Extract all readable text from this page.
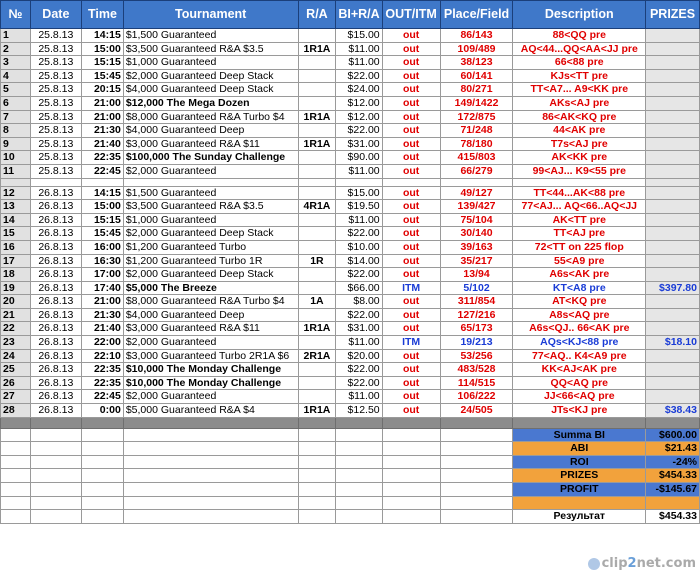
№	Date	Time	Tournament	R/A	BI+R/A	OUT/ITM	Place/Field	Description	PRIZES
1	25.8.13	14:15	$1,500 Guaranteed		$15.00	out	86/143	88<QQ pre	
2	25.8.13	15:00	$3,500 Guaranteed R&A $3.5	1R1A	$11.00	out	109/489	AQ<44...QQ<AA<JJ pre	
3	25.8.13	15:15	$1,000 Guaranteed		$11.00	out	38/123	66<88 pre	
4	25.8.13	15:45	$2,000 Guaranteed Deep Stack		$22.00	out	60/141	KJs<TT pre	
5	25.8.13	20:15	$4,000 Guaranteed Deep Stack		$24.00	out	80/271	TT<A7... A9<KK pre	
6	25.8.13	21:00	$12,000 The Mega Dozen		$12.00	out	149/1422	AKs<AJ pre	
7	25.8.13	21:00	$8,000 Guaranteed R&A Turbo $4	1R1A	$12.00	out	172/875	86<AK<KQ pre	
8	25.8.13	21:30	$4,000 Guaranteed Deep		$22.00	out	71/248	44<AK pre	
9	25.8.13	21:40	$3,000 Guaranteed R&A $11	1R1A	$31.00	out	78/180	T7s<AJ pre	
10	25.8.13	22:35	$100,000 The Sunday Challenge		$90.00	out	415/803	AK<KK pre	
11	25.8.13	22:45	$2,000 Guaranteed		$11.00	out	66/279	99<AJ... K9<55 pre	

12	26.8.13	14:15	$1,500 Guaranteed		$15.00	out	49/127	TT<44...AK<88 pre	
13	26.8.13	15:00	$3,500 Guaranteed R&A $3.5	4R1A	$19.50	out	139/427	77<AJ... AQ<66..AQ<JJ	
14	26.8.13	15:15	$1,000 Guaranteed		$11.00	out	75/104	AK<TT pre	
15	26.8.13	15:45	$2,000 Guaranteed Deep Stack		$22.00	out	30/140	TT<AJ pre	
16	26.8.13	16:00	$1,200 Guaranteed Turbo		$10.00	out	39/163	72<TT on 225 flop	
17	26.8.13	16:30	$1,200 Guaranteed Turbo 1R	1R	$14.00	out	35/217	55<A9 pre	
18	26.8.13	17:00	$2,000 Guaranteed Deep Stack		$22.00	out	13/94	A6s<AK pre	
19	26.8.13	17:40	$5,000 The Breeze		$66.00	ITM	5/102	KT<A8 pre	$397.80
20	26.8.13	21:00	$8,000 Guaranteed R&A Turbo $4	1A	$8.00	out	311/854	AT<KQ pre	
21	26.8.13	21:30	$4,000 Guaranteed Deep		$22.00	out	127/216	A8s<AQ pre	
22	26.8.13	21:40	$3,000 Guaranteed R&A $11	1R1A	$31.00	out	65/173	A6s<QJ.. 66<AK pre	
23	26.8.13	22:00	$2,000 Guaranteed		$11.00	ITM	19/213	AQs<KJ<88 pre	$18.10
24	26.8.13	22:10	$3,000 Guaranteed Turbo 2R1A $6	2R1A	$20.00	out	53/256	77<AQ.. K4<A9 pre	
25	26.8.13	22:35	$10,000 The Monday Challenge		$22.00	out	483/528	KK<AJ<AK pre	
26	26.8.13	22:35	$10,000 The Monday Challenge		$22.00	out	114/515	QQ<AQ pre	
27	26.8.13	22:45	$2,000 Guaranteed		$11.00	out	106/222	JJ<66<AQ pre	
28	26.8.13	0:00	$5,000 Guaranteed R&A $4	1R1A	$12.50	out	24/505	JTs<KJ pre	$38.43

								Summa BI	$600.00
								ABI	$21.43
								ROI	-24%
								PRIZES	$454.33
								PROFIT	-$145.67

								Результат	$454.33
clip2net.com
